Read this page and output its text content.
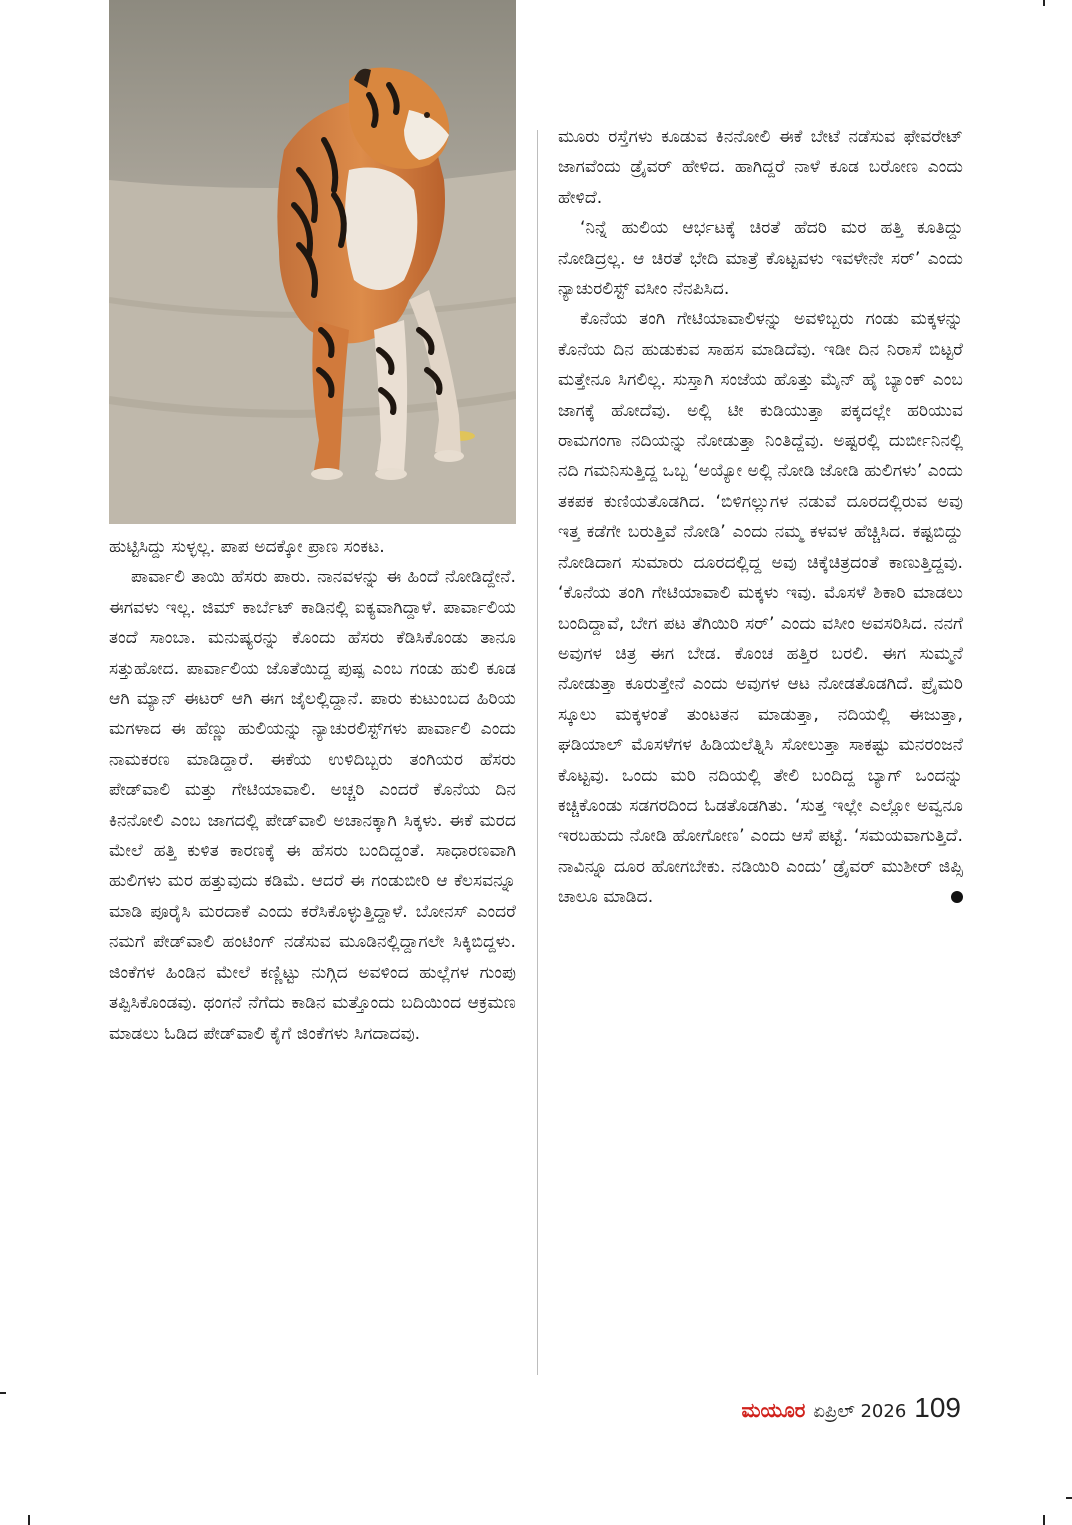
ಹುಟ್ಟಿಸಿದ್ದು ಸುಳ್ಳಲ್ಲ. ಪಾಪ ಅದಕ್ಕೋ ಪ್ರಾಣ ಸಂಕಟ.

ಪಾರ್ವಾಲಿ ತಾಯಿ ಹೆಸರು ಪಾರು. ನಾನವಳನ್ನು ಈ ಹಿಂದೆ ನೋಡಿದ್ದೇನೆ. ಈಗವಳು ಇಲ್ಲ. ಜಿಮ್ ಕಾರ್ಬೆಟ್ ಕಾಡಿನಲ್ಲಿ ಐಕ್ಯವಾಗಿದ್ದಾಳೆ. ಪಾರ್ವಾಲಿಯ ತಂದೆ ಸಾಂಬಾ. ಮನುಷ್ಯರನ್ನು ಕೊಂದು ಹೆಸರು ಕೆಡಿಸಿಕೊಂಡು ತಾನೂ ಸತ್ತುಹೋದ. ಪಾರ್ವಾಲಿಯ ಜೊತೆಯಿದ್ದ ಪುಷ್ಪ ಎಂಬ ಗಂಡು ಹುಲಿ ಕೂಡ ಆಗಿ ಮ್ಯಾನ್ ಈಟರ್ ಆಗಿ ಈಗ ಜೈಲಲ್ಲಿದ್ದಾನೆ. ಪಾರು ಕುಟುಂಬದ ಹಿರಿಯ ಮಗಳಾದ ಈ ಹೆಣ್ಣು ಹುಲಿಯನ್ನು ನ್ಯಾಚುರಲಿಸ್ಟ್‌ಗಳು ಪಾರ್ವಾಲಿ ಎಂದು ನಾಮಕರಣ ಮಾಡಿದ್ದಾರೆ. ಈಕೆಯ ಉಳಿದಿಬ್ಬರು ತಂಗಿಯರ ಹೆಸರು ಪೇಡ್‌ವಾಲಿ ಮತ್ತು ಗೇಟಿಯಾವಾಲಿ. ಅಚ್ಚರಿ ಎಂದರೆ ಕೊನೆಯ ದಿನ ಕಿನನೋಲಿ ಎಂಬ ಜಾಗದಲ್ಲಿ ಪೇಡ್‌ವಾಲಿ ಅಚಾನಕ್ಕಾಗಿ ಸಿಕ್ಕಳು. ಈಕೆ ಮರದ ಮೇಲೆ ಹತ್ತಿ ಕುಳಿತ ಕಾರಣಕ್ಕೆ ಈ ಹೆಸರು ಬಂದಿದ್ದಂತೆ. ಸಾಧಾರಣವಾಗಿ ಹುಲಿಗಳು ಮರ ಹತ್ತುವುದು ಕಡಿಮೆ. ಆದರೆ ಈ ಗಂಡುಬೀರಿ ಆ ಕೆಲಸವನ್ನೂ ಮಾಡಿ ಪೂರೈಸಿ ಮರದಾಕೆ ಎಂದು ಕರೆಸಿಕೊಳ್ಳುತ್ತಿದ್ದಾಳೆ. ಬೋನಸ್ ಎಂದರೆ ನಮಗೆ ಪೇಡ್‌ವಾಲಿ ಹಂಟಿಂಗ್ ನಡೆಸುವ ಮೂಡಿನಲ್ಲಿದ್ದಾಗಲೇ ಸಿಕ್ಕಿಬಿದ್ದಳು. ಜಿಂಕೆಗಳ ಹಿಂಡಿನ ಮೇಲೆ ಕಣ್ಣಿಟ್ಟು ನುಗ್ಗಿದ ಅವಳಿಂದ ಹುಲ್ಲೆಗಳ ಗುಂಪು ತಪ್ಪಿಸಿಕೊಂಡವು. ಥಂಗನೆ ನೆಗೆದು ಕಾಡಿನ ಮತ್ತೊಂದು ಬದಿಯಿಂದ ಆಕ್ರಮಣ ಮಾಡಲು ಓಡಿದ ಪೇಡ್‌ವಾಲಿ ಕೈಗೆ ಜಿಂಕೆಗಳು ಸಿಗದಾದವು.

ಮೂರು ರಸ್ತೆಗಳು ಕೂಡುವ ಕಿನನೋಲಿ ಈಕೆ ಬೇಟೆ ನಡೆಸುವ ಫೇವರೇಟ್ ಜಾಗವೆಂದು ಡ್ರೈವರ್ ಹೇಳಿದ. ಹಾಗಿದ್ದರೆ ನಾಳೆ ಕೂಡ ಬರೋಣ ಎಂದು ಹೇಳಿದೆ.

‘ನಿನ್ನೆ ಹುಲಿಯ ಆರ್ಭಟಕ್ಕೆ ಚಿರತೆ ಹೆದರಿ ಮರ ಹತ್ತಿ ಕೂತಿದ್ದು ನೋಡಿದ್ರಲ್ಲ. ಆ ಚಿರತೆ ಭೇದಿ ಮಾತ್ರೆ ಕೊಟ್ಟವಳು ಇವಳೇನೇ ಸರ್’ ಎಂದು ನ್ಯಾಚುರಲಿಸ್ಟ್ ವಸೀಂ ನೆನಪಿಸಿದ.

ಕೊನೆಯ ತಂಗಿ ಗೇಟಿಯಾವಾಲಿಳನ್ನು ಅವಳಿಬ್ಬರು ಗಂಡು ಮಕ್ಕಳನ್ನು ಕೊನೆಯ ದಿನ ಹುಡುಕುವ ಸಾಹಸ ಮಾಡಿದೆವು. ಇಡೀ ದಿನ ನಿರಾಸೆ ಬಿಟ್ಟರೆ ಮತ್ತೇನೂ ಸಿಗಲಿಲ್ಲ. ಸುಸ್ತಾಗಿ ಸಂಜೆಯ ಹೊತ್ತು ಮೈನ್ ಹೈ ಬ್ಯಾಂಕ್ ಎಂಬ ಜಾಗಕ್ಕೆ ಹೋದೆವು. ಅಲ್ಲಿ ಟೀ ಕುಡಿಯುತ್ತಾ ಪಕ್ಕದಲ್ಲೇ ಹರಿಯುವ ರಾಮಗಂಗಾ ನದಿಯನ್ನು ನೋಡುತ್ತಾ ನಿಂತಿದ್ದೆವು. ಅಷ್ಟರಲ್ಲಿ ದುರ್ಬೀನಿನಲ್ಲಿ ನದಿ ಗಮನಿಸುತ್ತಿದ್ದ ಒಬ್ಬ ‘ಅಯ್ಯೋ ಅಲ್ಲಿ ನೋಡಿ ಜೋಡಿ ಹುಲಿಗಳು’ ಎಂದು ತಕಪಕ ಕುಣಿಯತೊಡಗಿದ. ‘ಬಿಳಿಗಲ್ಲುಗಳ ನಡುವೆ ದೂರದಲ್ಲಿರುವ ಅವು ಇತ್ತ ಕಡೆಗೇ ಬರುತ್ತಿವೆ ನೋಡಿ’ ಎಂದು ನಮ್ಮ ಕಳವಳ ಹೆಚ್ಚಿಸಿದ. ಕಷ್ಟಬಿದ್ದು ನೋಡಿದಾಗ ಸುಮಾರು ದೂರದಲ್ಲಿದ್ದ ಅವು ಚಿಕ್ಕೆಚಿತ್ರದಂತೆ ಕಾಣುತ್ತಿದ್ದವು. ‘ಕೊನೆಯ ತಂಗಿ ಗೇಟಿಯಾವಾಲಿ ಮಕ್ಕಳು ಇವು. ಮೊಸಳೆ ಶಿಕಾರಿ ಮಾಡಲು ಬಂದಿದ್ದಾವೆ, ಬೇಗ ಪಟ ತೆಗಿಯಿರಿ ಸರ್’ ಎಂದು ವಸೀಂ ಅವಸರಿಸಿದ. ನನಗೆ ಅವುಗಳ ಚಿತ್ರ ಈಗ ಬೇಡ. ಕೊಂಚ ಹತ್ತಿರ ಬರಲಿ. ಈಗ ಸುಮ್ಮನೆ ನೋಡುತ್ತಾ ಕೂರುತ್ತೇನೆ ಎಂದು ಅವುಗಳ ಆಟ ನೋಡತೊಡಗಿದೆ. ಪ್ರೈಮರಿ ಸ್ಕೂಲು ಮಕ್ಕಳಂತೆ ತುಂಟತನ ಮಾಡುತ್ತಾ, ನದಿಯಲ್ಲಿ ಈಜುತ್ತಾ, ಘಡಿಯಾಲ್ ಮೊಸಳೆಗಳ ಹಿಡಿಯಲೆತ್ನಿಸಿ ಸೋಲುತ್ತಾ ಸಾಕಷ್ಟು ಮನರಂಜನೆ ಕೊಟ್ಟವು. ಒಂದು ಮರಿ ನದಿಯಲ್ಲಿ ತೇಲಿ ಬಂದಿದ್ದ ಬ್ಯಾಗ್ ಒಂದನ್ನು ಕಚ್ಚಿಕೊಂಡು ಸಡಗರದಿಂದ ಓಡತೊಡಗಿತು. ‘ಸುತ್ತ ಇಲ್ಲೇ ಎಲ್ಲೋ ಅವ್ವನೂ ಇರಬಹುದು ನೋಡಿ ಹೋಗೋಣ’ ಎಂದು ಆಸೆ ಪಟ್ಟೆ. ‘ಸಮಯವಾಗುತ್ತಿದೆ. ನಾವಿನ್ನೂ ದೂರ ಹೋಗಬೇಕು. ನಡಿಯಿರಿ ಎಂದು’ ಡ್ರೈವರ್ ಮುಶೀರ್ ಜಿಪ್ಸಿ ಚಾಲೂ ಮಾಡಿದ.

ಮಯೂರ ಏಪ್ರಿಲ್ 2026 109
